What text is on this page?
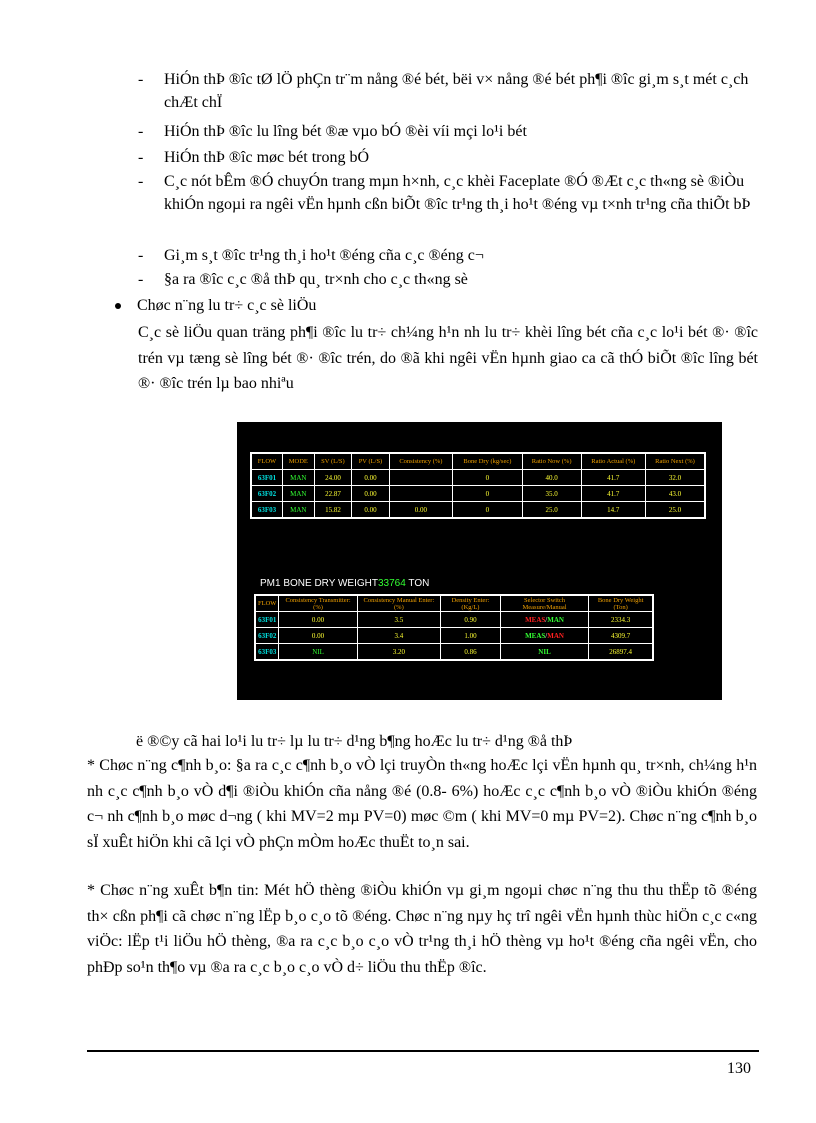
-	HiÓn thÞ ®îc tØ lÖ phÇn tr¨m nång ®é bét, bëi v× nång ®é bét ph¶i ®îc gi¸m s¸t mét c¸ch chÆt chÏ
-	HiÓn thÞ ®îc lu lîng bét ®æ vµo bÓ ®èi víi mçi lo¹i bét
-	HiÓn thÞ ®îc møc bét trong bÓ
-	C¸c nót bÊm ®Ó chuyÓn trang mµn h×nh, c¸c khèi Faceplate ®Ó ®Æt c¸c th«ng sè ®iÒu khiÓn ngoµi ra ngêi vËn hµnh cßn biÕt ®îc tr¹ng th¸i ho¹t ®éng vµ t×nh tr¹ng cña thiÕt bÞ
-	Gi¸m s¸t ®îc tr¹ng th¸i ho¹t ®éng cña c¸c ®éng c¬
-	§a ra ®îc c¸c ®å thÞ qu¸ tr×nh cho c¸c th«ng sè
Chøc n¨ng lu tr÷ c¸c sè liÖu
C¸c sè liÖu quan träng ph¶i ®îc lu tr÷ ch¼ng h¹n nh lu tr÷ khèi lîng bét cña c¸c lo¹i bét ®· ®îc trén vµ tæng sè lîng bét ®· ®îc trén, do ®ã khi ngêi vËn hµnh giao ca cã thÓ biÕt ®îc lîng bét ®· ®îc trén lµ bao nhiªu
FLOW	MODE	SV (L/S)	PV (L/S)	Consistency (%)	Bone Dry (kg/sec)	Ratio Now (%)	Ratio Actual (%)	Ratio Next (%)
63F01	MAN	24.00	0.00		0	40.0	41.7	32.0
63F02	MAN	22.87	0.00		0	35.0	41.7	43.0
63F03	MAN	15.82	0.00	0.00	0	25.0	14.7	25.0
PM1 BONE DRY WEIGHT33764 TON
FLOW	Consistency Transmitter: (%)	Consistency Manual Enter: (%)	Density Enter: (Kg/L)	Selector Switch Measure/Manual	Bone Dry Weight (Ton)
63F01	0.00	3.5	0.90	MEAS/MAN	2334.3
63F02	0.00	3.4	1.00	MEAS/MAN	4309.7
63F03	NIL	3.20	0.86	NIL	26897.4
ë ®©y cã hai lo¹i lu tr÷ lµ lu tr÷ d¹ng b¶ng hoÆc lu tr÷ d¹ng ®å thÞ
* Chøc n¨ng c¶nh b¸o: §a ra c¸c c¶nh b¸o vÒ lçi truyÒn th«ng hoÆc lçi vËn hµnh qu¸ tr×nh, ch¼ng h¹n nh c¸c c¶nh b¸o vÒ d¶i ®iÒu khiÓn cña nång ®é (0.8- 6%) hoÆc c¸c c¶nh b¸o vÒ ®iÒu khiÓn ®éng c¬ nh c¶nh b¸o møc d¬ng ( khi MV=2 mµ PV=0) møc ©m ( khi MV=0 mµ PV=2). Chøc n¨ng c¶nh b¸o sÏ xuÊt hiÖn khi cã lçi vÒ phÇn mÒm hoÆc thuËt to¸n sai.
* Chøc n¨ng xuÊt b¶n tin: Mét hÖ thèng ®iÒu khiÓn vµ gi¸m ngoµi chøc n¨ng thu thu thËp tõ ®éng th× cßn ph¶i cã chøc n¨ng lËp b¸o c¸o tõ ®éng. Chøc n¨ng nµy hç trî ngêi vËn hµnh thùc hiÖn c¸c c«ng viÖc: lËp t¹i liÖu hÖ thèng, ®a ra c¸c b¸o c¸o vÒ tr¹ng th¸i hÖ thèng vµ ho¹t ®éng cña ngêi vËn, cho phÐp so¹n th¶o vµ ®a ra c¸c b¸o c¸o vÒ d÷ liÖu thu thËp ®îc.
130
